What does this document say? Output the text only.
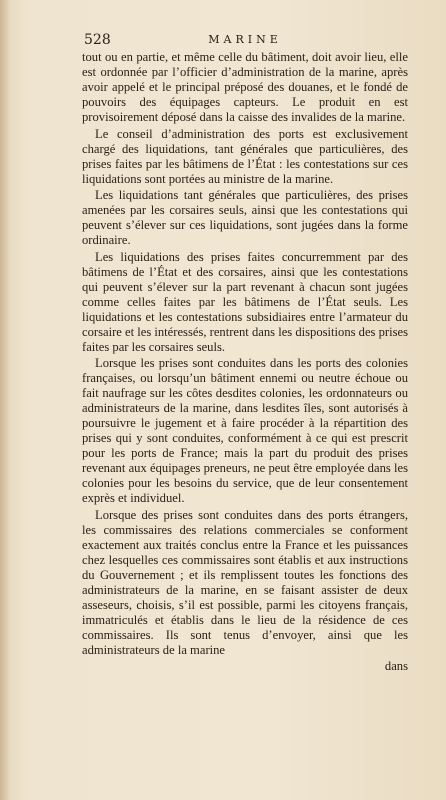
528	MARINE

tout ou en partie, et même celle du bâtiment, doit avoir lieu, elle est ordonnée par l’officier d’administration de la marine, après avoir appelé et le principal préposé des douanes, et le fondé de pouvoirs des équipages capteurs. Le produit en est provisoirement déposé dans la caisse des invalides de la marine.

Le conseil d’administration des ports est exclusivement chargé des liquidations, tant générales que particulières, des prises faites par les bâtimens de l’État : les contestations sur ces liquidations sont portées au ministre de la marine.

Les liquidations tant générales que particulières, des prises amenées par les corsaires seuls, ainsi que les contestations qui peuvent s’élever sur ces liquidations, sont jugées dans la forme ordinaire.

Les liquidations des prises faites concurremment par des bâtimens de l’État et des corsaires, ainsi que les contestations qui peuvent s’élever sur la part revenant à chacun sont jugées comme celles faites par les bâtimens de l’État seuls. Les liquidations et les contestations subsidiaires entre l’armateur du corsaire et les intéressés, rentrent dans les dispositions des prises faites par les corsaires seuls.

Lorsque les prises sont conduites dans les ports des colonies françaises, ou lorsqu’un bâtiment ennemi ou neutre échoue ou fait naufrage sur les côtes desdites colonies, les ordonnateurs ou administrateurs de la marine, dans lesdites îles, sont autorisés à poursuivre le jugement et à faire procéder à la répartition des prises qui y sont conduites, conformément à ce qui est prescrit pour les ports de France; mais la part du produit des prises revenant aux équipages preneurs, ne peut être employée dans les colonies pour les besoins du service, que de leur consentement exprès et individuel.

Lorsque des prises sont conduites dans des ports étrangers, les commissaires des relations commerciales se conforment exactement aux traités conclus entre la France et les puissances chez lesquelles ces commissaires sont établis et aux instructions du Gouvernement ; et ils remplissent toutes les fonctions des administrateurs de la marine, en se faisant assister de deux asseseurs, choisis, s’il est possible, parmi les citoyens français, immatriculés et établis dans le lieu de la résidence de ces commissaires. Ils sont tenus d’envoyer, ainsi que les administrateurs de la marine

dans
